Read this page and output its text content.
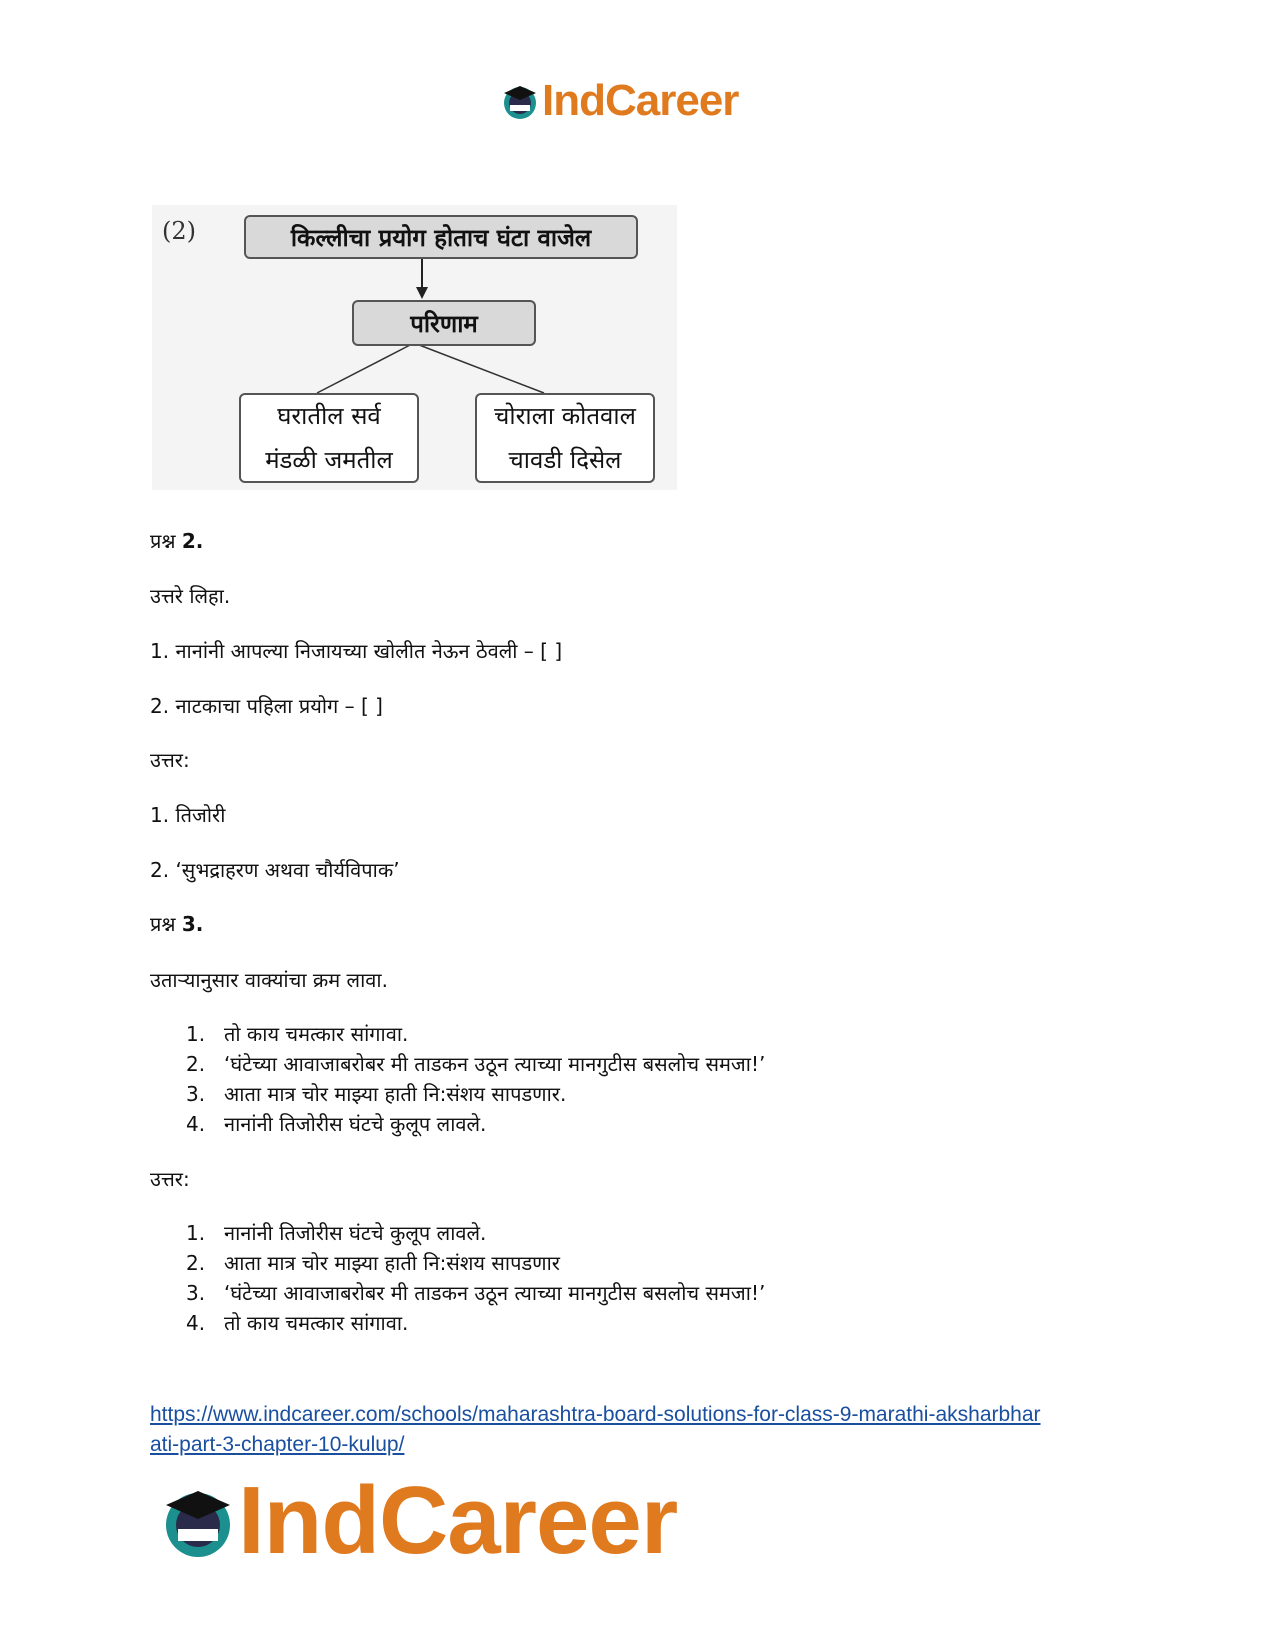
IndCareer
(2)	किल्लीचा प्रयोग होताच घंटा वाजेल
परिणाम
घरातील सर्व
मंडळी जमतील
चोराला कोतवाल
चावडी दिसेल
प्रश्न 2.
उत्तरे लिहा.
1. नानांनी आपल्या निजायच्या खोलीत नेऊन ठेवली – [ ]
2. नाटकाचा पहिला प्रयोग – [ ]
उत्तर:
1. तिजोरी
2. ‘सुभद्राहरण अथवा चौर्यविपाक’
प्रश्न 3.
उताऱ्यानुसार वाक्यांचा क्रम लावा.
1. तो काय चमत्कार सांगावा.
2. ‘घंटेच्या आवाजाबरोबर मी ताडकन उठून त्याच्या मानगुटीस बसलोच समजा!’
3. आता मात्र चोर माझ्या हाती नि:संशय सापडणार.
4. नानांनी तिजोरीस घंटचे कुलूप लावले.
उत्तर:
1. नानांनी तिजोरीस घंटचे कुलूप लावले.
2. आता मात्र चोर माझ्या हाती नि:संशय सापडणार
3. ‘घंटेच्या आवाजाबरोबर मी ताडकन उठून त्याच्या मानगुटीस बसलोच समजा!’
4. तो काय चमत्कार सांगावा.
https://www.indcareer.com/schools/maharashtra-board-solutions-for-class-9-marathi-aksharbhar
ati-part-3-chapter-10-kulup/
IndCareer
